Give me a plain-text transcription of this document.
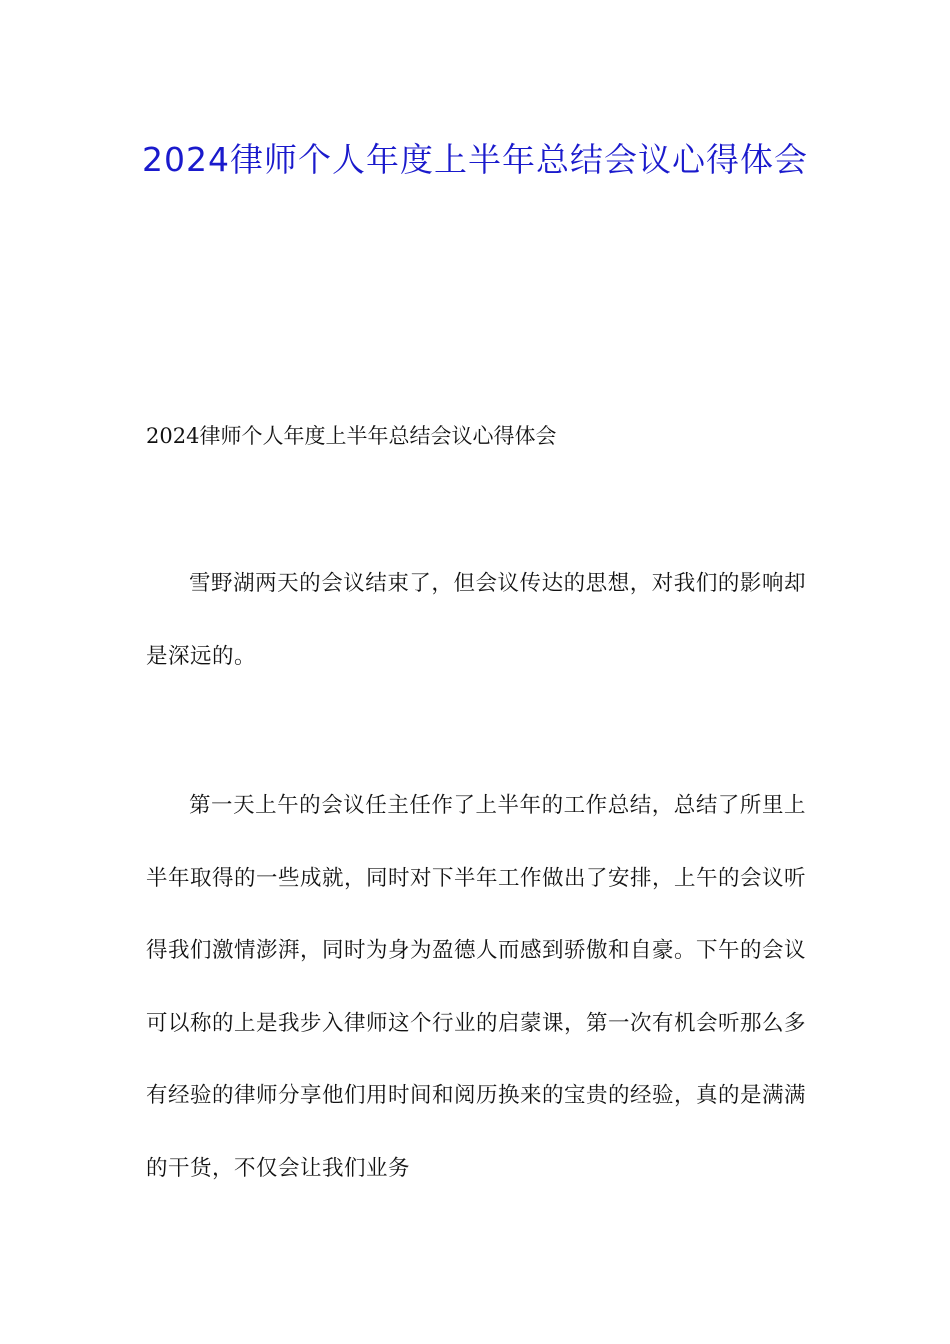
2024律师个人年度上半年总结会议心得体会
2024律师个人年度上半年总结会议心得体会

雪野湖两天的会议结束了，但会议传达的思想，对我们的影响却是深远的。

第一天上午的会议任主任作了上半年的工作总结，总结了所里上半年取得的一些成就，同时对下半年工作做出了安排，上午的会议听得我们激情澎湃，同时为身为盈德人而感到骄傲和自豪。下午的会议可以称的上是我步入律师这个行业的启蒙课，第一次有机会听那么多有经验的律师分享他们用时间和阅历换来的宝贵的经验，真的是满满的干货，不仅会让我们业务
